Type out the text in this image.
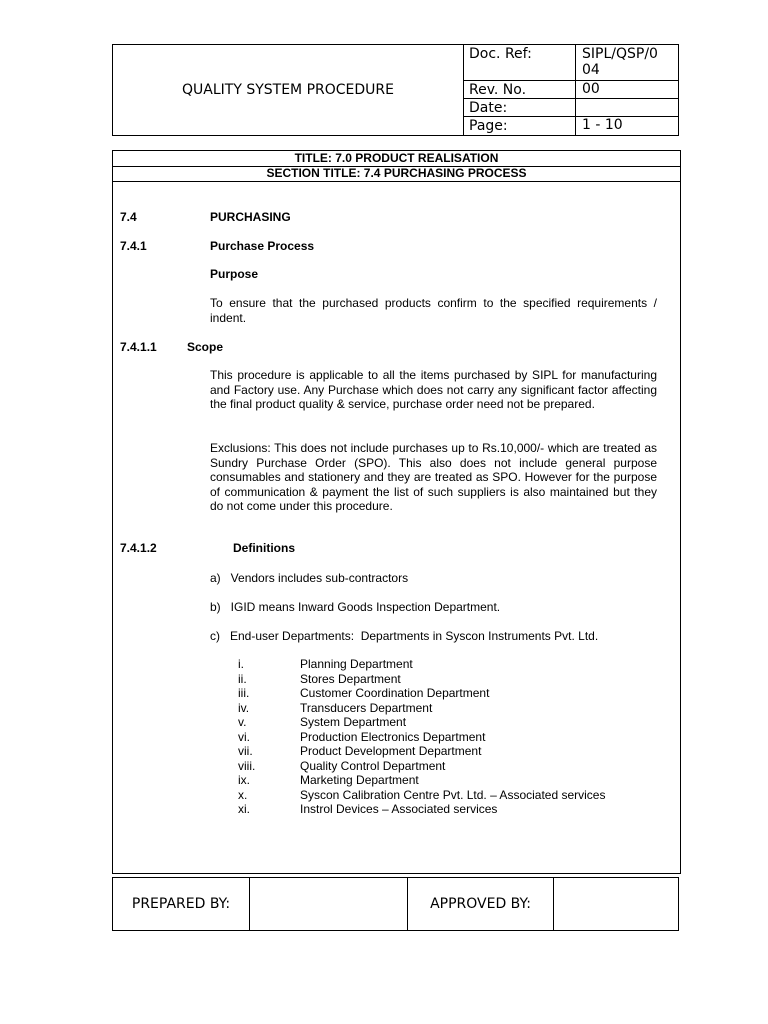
QUALITY SYSTEM PROCEDURE
Doc. Ref:	SIPL/QSP/0
04
Rev. No.	00
Date:
Page:	1 - 10
TITLE: 7.0 PRODUCT REALISATION
SECTION TITLE: 7.4 PURCHASING PROCESS
7.4	PURCHASING
7.4.1	Purchase Process
Purpose
To ensure that the purchased products confirm to the specified requirements / indent.
7.4.1.1	Scope
This procedure is applicable to all the items purchased by SIPL for manufacturing and Factory use. Any Purchase which does not carry any significant factor affecting the final product quality & service, purchase order need not be prepared.
Exclusions: This does not include purchases up to Rs.10,000/- which are treated as Sundry Purchase Order (SPO). This also does not include general purpose consumables and stationery and they are treated as SPO. However for the purpose of communication & payment the list of such suppliers is also maintained but they do not come under this procedure.
7.4.1.2	Definitions
a)   Vendors includes sub-contractors
b)   IGID means Inward Goods Inspection Department.
c)   End-user Departments:  Departments in Syscon Instruments Pvt. Ltd.
i.	Planning Department
ii.	Stores Department
iii.	Customer Coordination Department
iv.	Transducers Department
v.	System Department
vi.	Production Electronics Department
vii.	Product Development Department
viii.	Quality Control Department
ix.	Marketing Department
x.	Syscon Calibration Centre Pvt. Ltd. – Associated services
xi.	Instrol Devices – Associated services
PREPARED BY:	APPROVED BY:
